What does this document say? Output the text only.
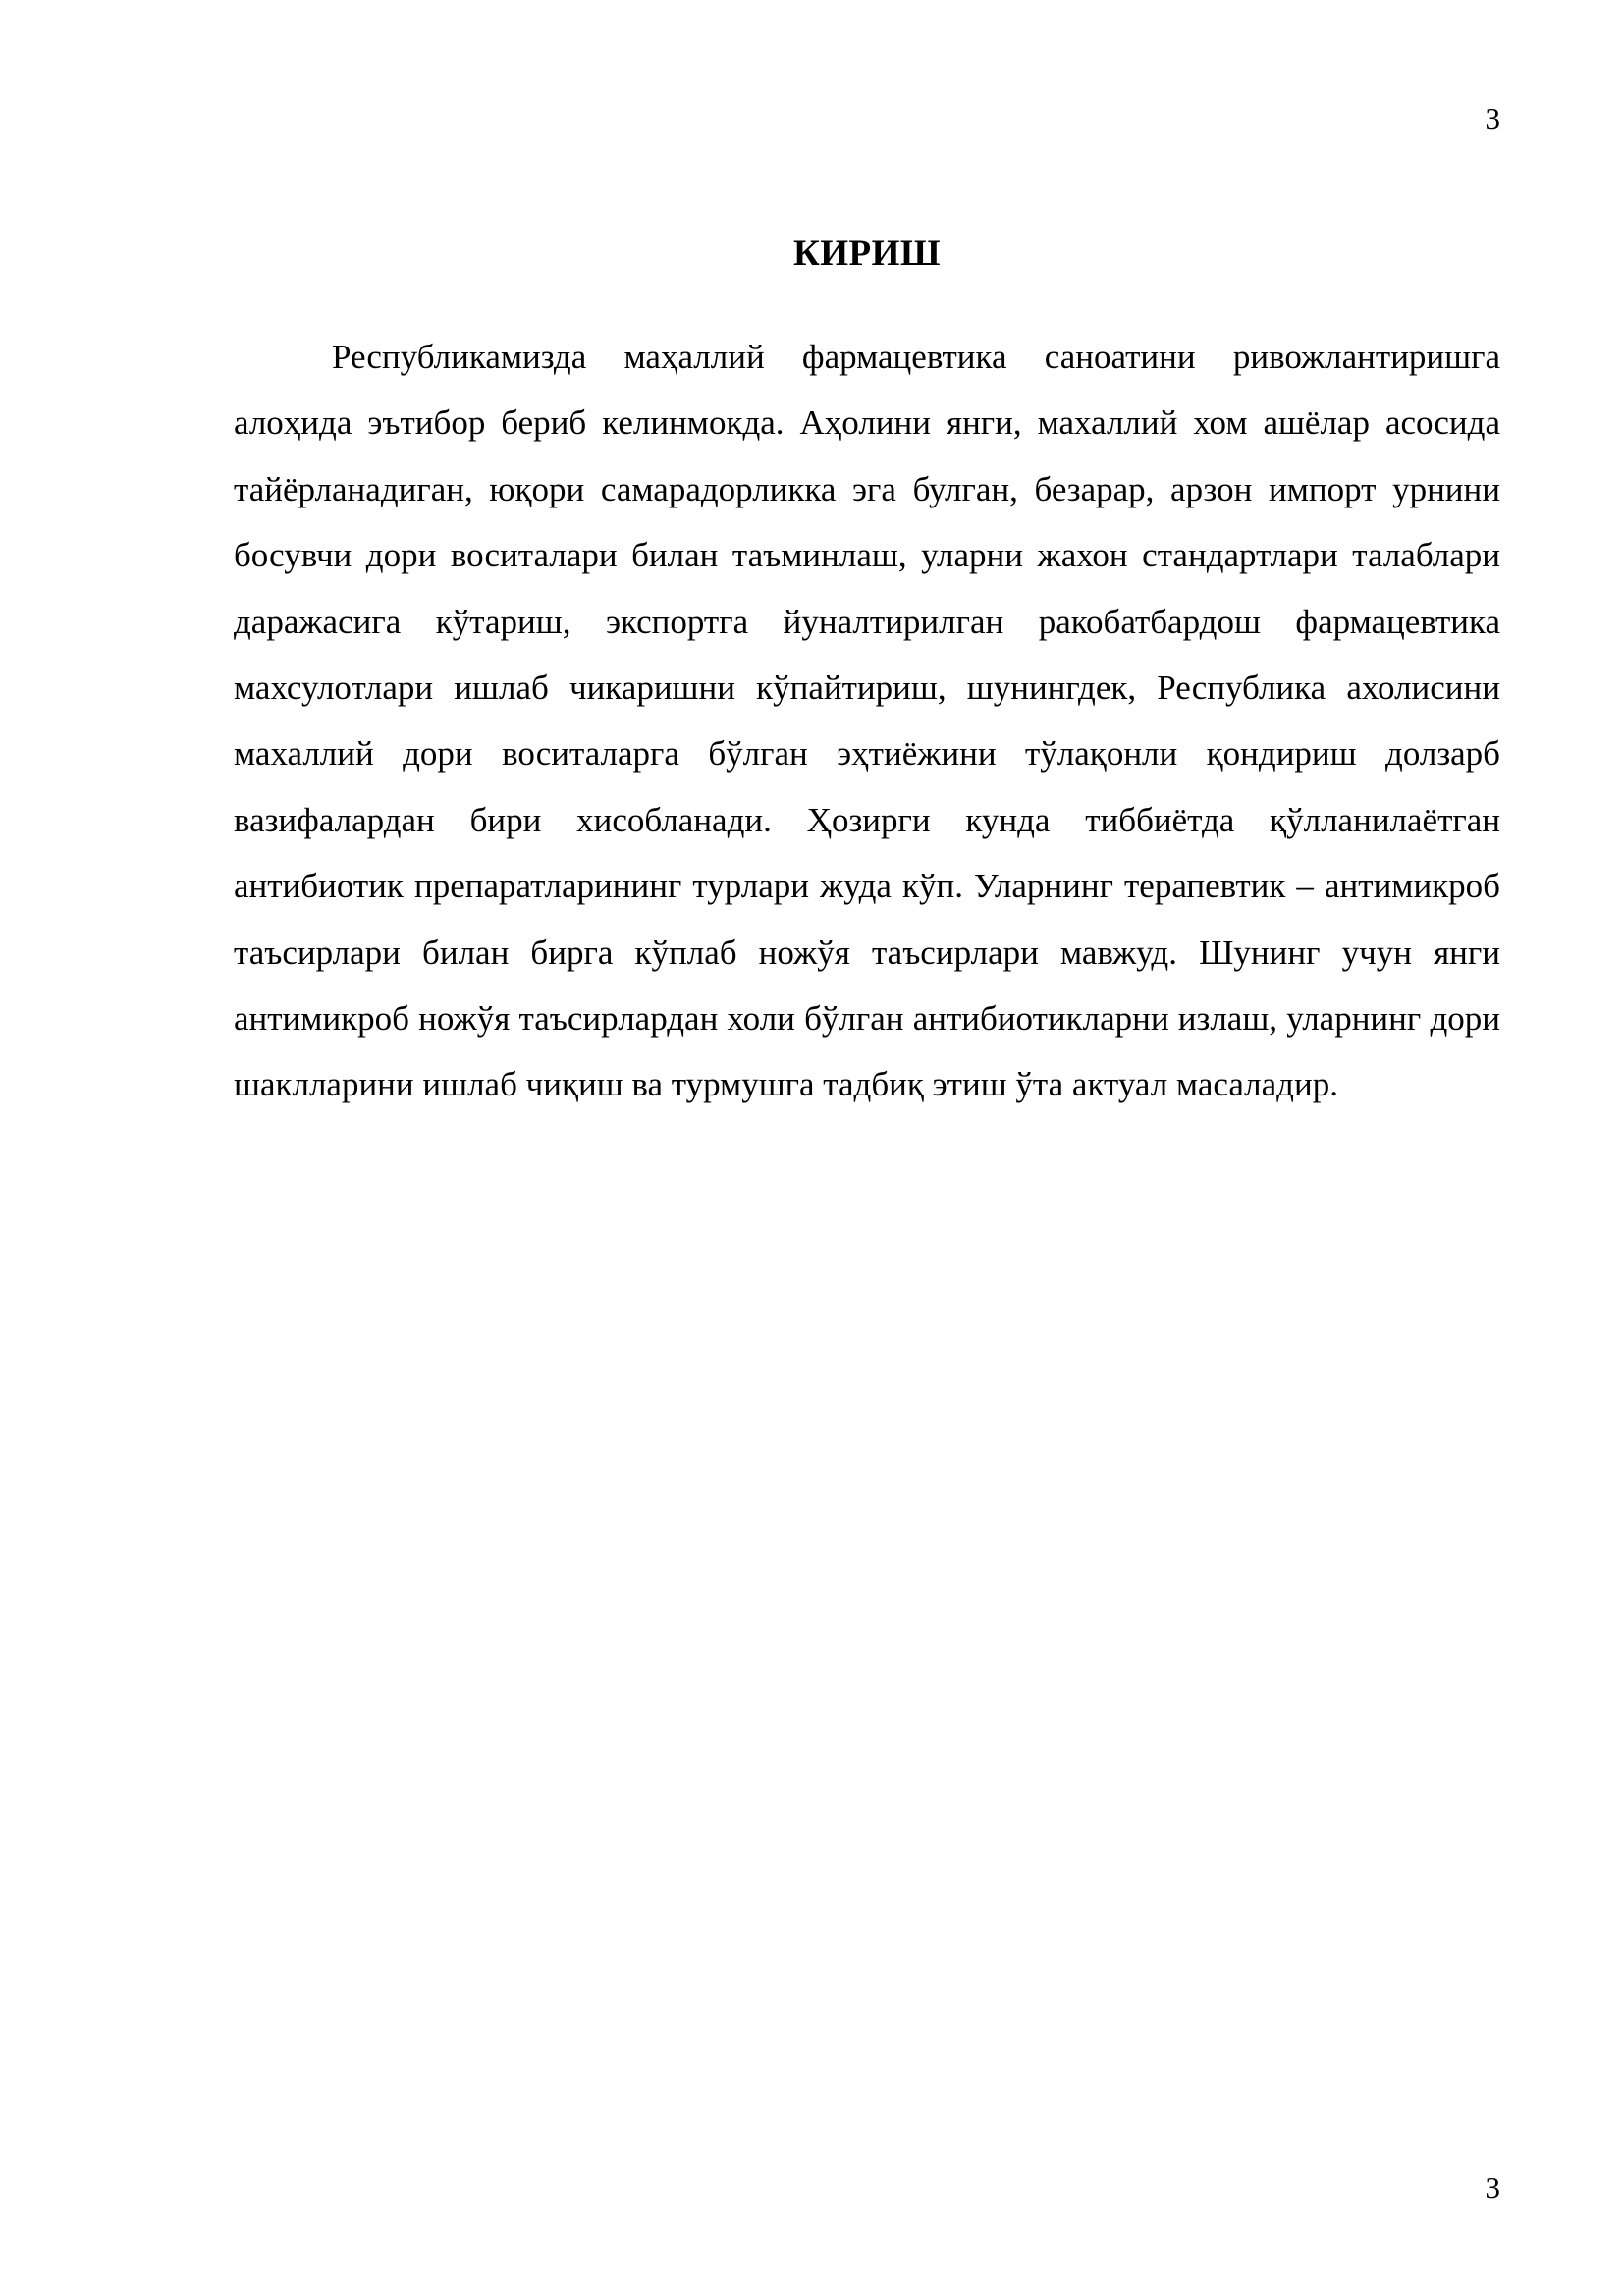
3
КИРИШ

Республикамизда маҳаллий фармацевтика саноатини ривожлантиришга алоҳида эътибор бериб келинмокда. Аҳолини янги, махаллий хом ашёлар асосида тайёрланадиган, юқори самарадорликка эга булган, безарар, арзон импорт урнини босувчи дори воситалари билан таъминлаш, уларни жахон стандартлари талаблари даражасига кўтариш, экспортга йуналтирилган ракобатбардош фармацевтика махсулотлари ишлаб чикаришни кўпайтириш, шунингдек, Республика ахолисини махаллий дори воситаларга бўлган эҳтиёжини тўлақонли қондириш долзарб вазифалардан бири хисобланади. Ҳозирги кунда тиббиётда қўлланилаётган антибиотик препаратларининг турлари жуда кўп. Уларнинг терапевтик – антимикроб таъсирлари билан бирга кўплаб ножўя таъсирлари мавжуд. Шунинг учун янги антимикроб ножўя таъсирлардан холи бўлган антибиотикларни излаш, уларнинг дори шаклларини ишлаб чиқиш ва турмушга тадбиқ этиш ўта актуал масаладир.

3
